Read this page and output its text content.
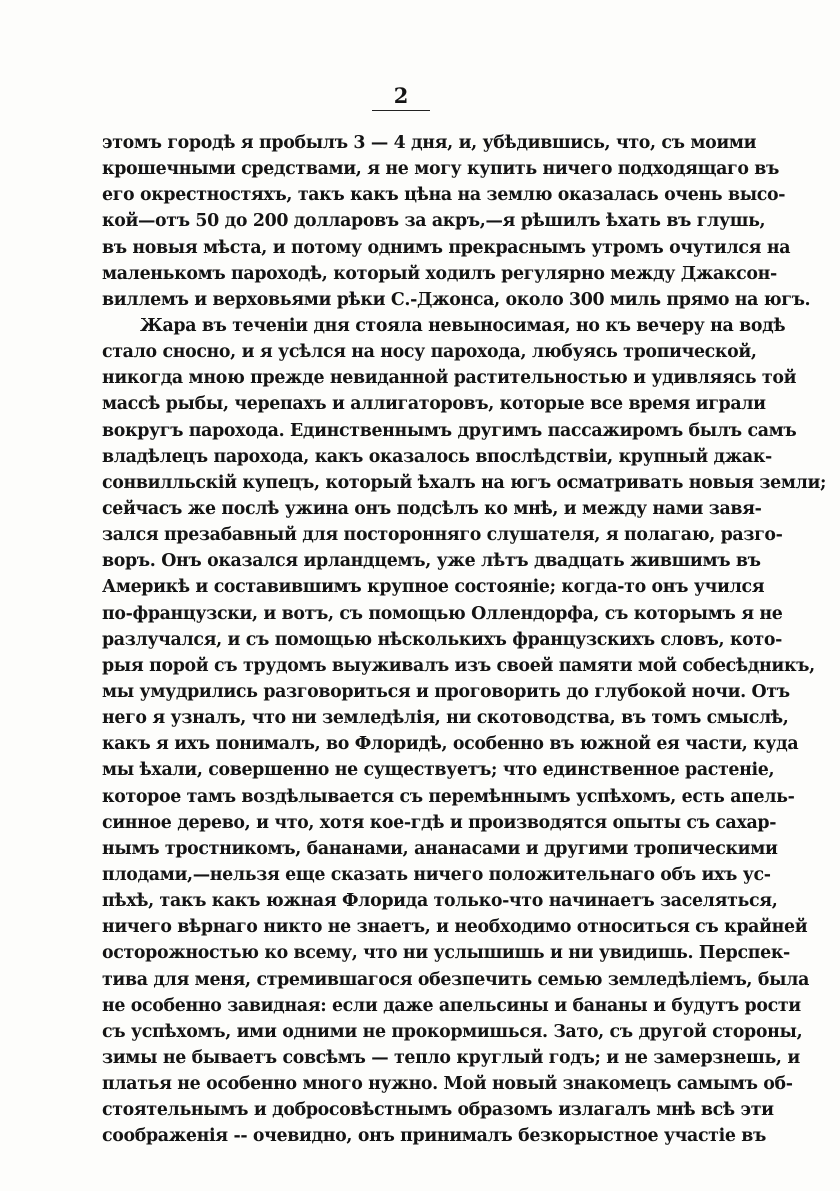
2
этомъ городѣ я пробылъ 3 — 4 дня, и, убѣдившись, что, съ моими
крошечными средствами, я не могу купить ничего подходящаго въ
его окрестностяхъ, такъ какъ цѣна на землю оказалась очень высо-
кой—отъ 50 до 200 долларовъ за акръ,—я рѣшилъ ѣхать въ глушь,
въ новыя мѣста, и потому однимъ прекраснымъ утромъ очутился на
маленькомъ пароходѣ, который ходилъ регулярно между Джаксон-
виллемъ и верховьями рѣки С.-Джонса, около 300 миль прямо на югъ.
Жара въ теченіи дня стояла невыносимая, но къ вечеру на водѣ
стало сносно, и я усѣлся на носу парохода, любуясь тропической,
никогда мною прежде невиданной растительностью и удивляясь той
массѣ рыбы, черепахъ и аллигаторовъ, которые все время играли
вокругъ парохода. Единственнымъ другимъ пассажиромъ былъ самъ
владѣлецъ парохода, какъ оказалось впослѣдствіи, крупный джак-
сонвилльскій купецъ, который ѣхалъ на югъ осматривать новыя земли;
сейчасъ же послѣ ужина онъ подсѣлъ ко мнѣ, и между нами завя-
зался презабавный для посторонняго слушателя, я полагаю, разго-
воръ. Онъ оказался ирландцемъ, уже лѣтъ двадцать жившимъ въ
Америкѣ и составившимъ крупное состояніе; когда-то онъ учился
по-французски, и вотъ, съ помощью Оллендорфа, съ которымъ я не
разлучался, и съ помощью нѣсколькихъ французскихъ словъ, кото-
рыя порой съ трудомъ выуживалъ изъ своей памяти мой собесѣдникъ,
мы умудрились разговориться и проговорить до глубокой ночи. Отъ
него я узналъ, что ни земледѣлія, ни скотоводства, въ томъ смыслѣ,
какъ я ихъ понималъ, во Флоридѣ, особенно въ южной ея части, куда
мы ѣхали, совершенно не существуетъ; что единственное растеніе,
которое тамъ воздѣлывается съ перемѣннымъ успѣхомъ, есть апель-
синное дерево, и что, хотя кое-гдѣ и производятся опыты съ сахар-
нымъ тростникомъ, бананами, ананасами и другими тропическими
плодами,—нельзя еще сказать ничего положительнаго объ ихъ ус-
пѣхѣ, такъ какъ южная Флорида только-что начинаетъ заселяться,
ничего вѣрнаго никто не знаетъ, и необходимо относиться съ крайней
осторожностью ко всему, что ни услышишь и ни увидишь. Перспек-
тива для меня, стремившагося обезпечить семью земледѣліемъ, была
не особенно завидная: если даже апельсины и бананы и будутъ рости
съ успѣхомъ, ими одними не прокормишься. Зато, съ другой стороны,
зимы не бываетъ совсѣмъ — тепло круглый годъ; и не замерзнешь, и
платья не особенно много нужно. Мой новый знакомецъ самымъ об-
стоятельнымъ и добросовѣстнымъ образомъ излагалъ мнѣ всѣ эти
соображенія -- очевидно, онъ принималъ безкорыстное участіе въ
